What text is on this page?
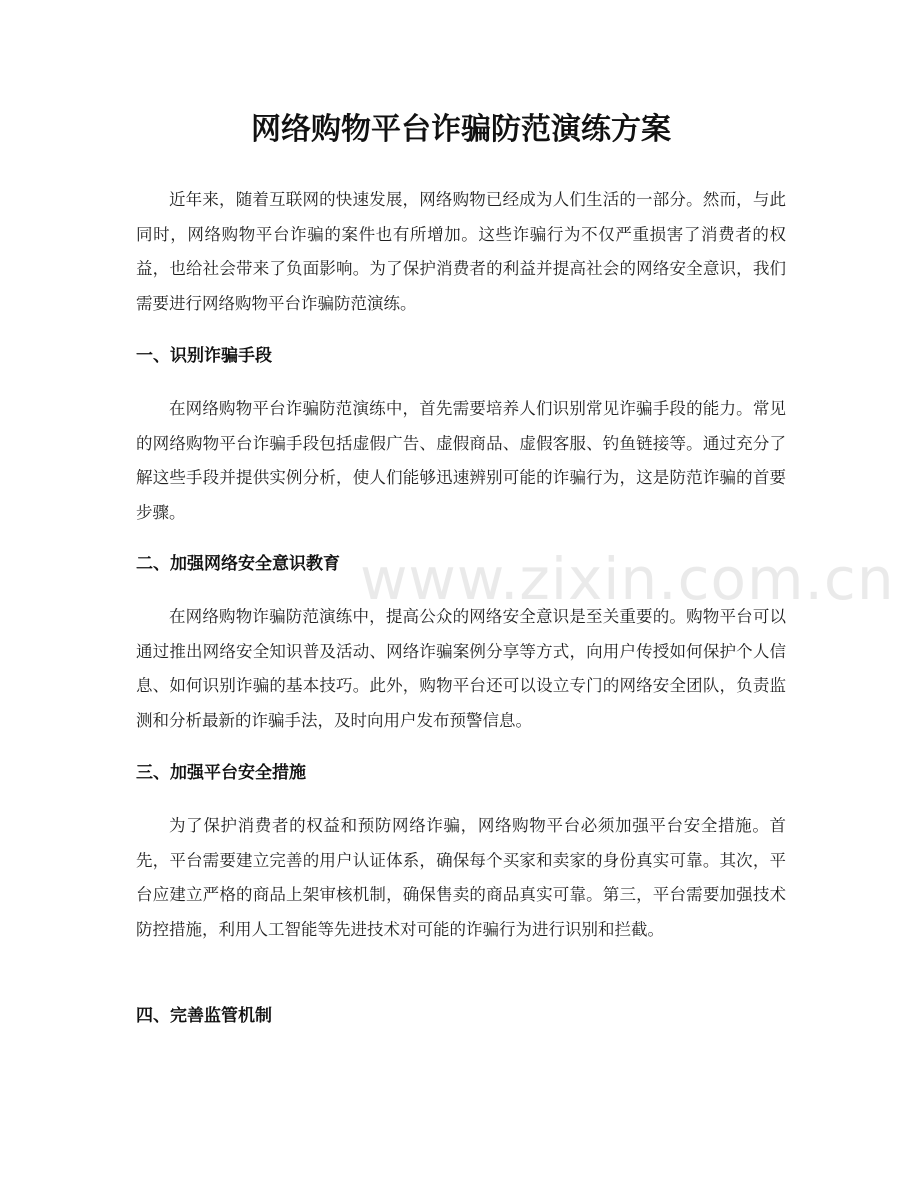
网络购物平台诈骗防范演练方案

近年来，随着互联网的快速发展，网络购物已经成为人们生活的一部分。然而，与此同时，网络购物平台诈骗的案件也有所增加。这些诈骗行为不仅严重损害了消费者的权益，也给社会带来了负面影响。为了保护消费者的利益并提高社会的网络安全意识，我们需要进行网络购物平台诈骗防范演练。

一、识别诈骗手段

在网络购物平台诈骗防范演练中，首先需要培养人们识别常见诈骗手段的能力。常见的网络购物平台诈骗手段包括虚假广告、虚假商品、虚假客服、钓鱼链接等。通过充分了解这些手段并提供实例分析，使人们能够迅速辨别可能的诈骗行为，这是防范诈骗的首要步骤。

二、加强网络安全意识教育

在网络购物诈骗防范演练中，提高公众的网络安全意识是至关重要的。购物平台可以通过推出网络安全知识普及活动、网络诈骗案例分享等方式，向用户传授如何保护个人信息、如何识别诈骗的基本技巧。此外，购物平台还可以设立专门的网络安全团队，负责监测和分析最新的诈骗手法，及时向用户发布预警信息。

三、加强平台安全措施

为了保护消费者的权益和预防网络诈骗，网络购物平台必须加强平台安全措施。首先，平台需要建立完善的用户认证体系，确保每个买家和卖家的身份真实可靠。其次，平台应建立严格的商品上架审核机制，确保售卖的商品真实可靠。第三，平台需要加强技术防控措施，利用人工智能等先进技术对可能的诈骗行为进行识别和拦截。

四、完善监管机制
www.zixin.com.cn
